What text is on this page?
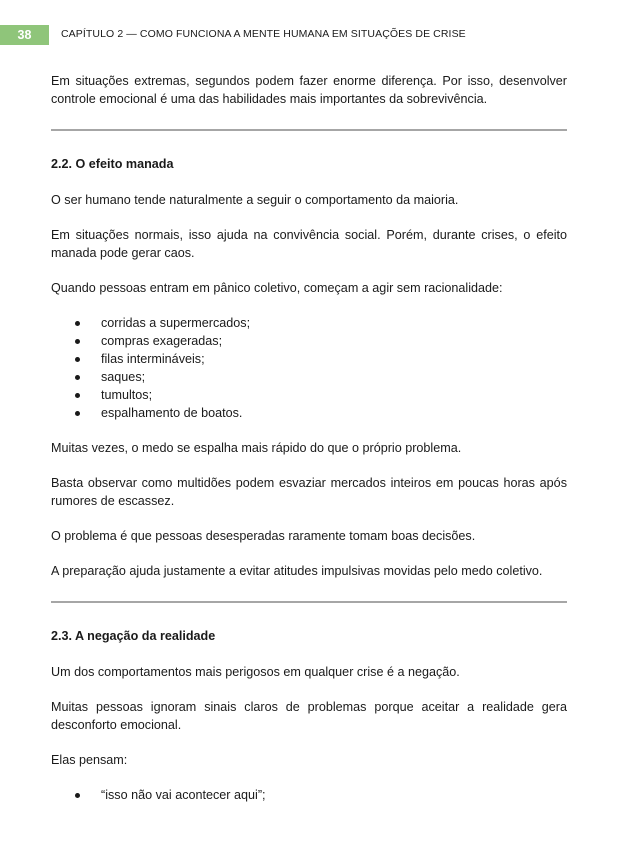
38	CAPÍTULO 2 — COMO FUNCIONA A MENTE HUMANA EM SITUAÇÕES DE CRISE

Em situações extremas, segundos podem fazer enorme diferença. Por isso, desenvolver controle emocional é uma das habilidades mais importantes da sobrevivência.

2.2. O efeito manada

O ser humano tende naturalmente a seguir o comportamento da maioria.

Em situações normais, isso ajuda na convivência social. Porém, durante crises, o efeito manada pode gerar caos.

Quando pessoas entram em pânico coletivo, começam a agir sem racionalidade:

corridas a supermercados;
compras exageradas;
filas intermináveis;
saques;
tumultos;
espalhamento de boatos.

Muitas vezes, o medo se espalha mais rápido do que o próprio problema.

Basta observar como multidões podem esvaziar mercados inteiros em poucas horas após rumores de escassez.

O problema é que pessoas desesperadas raramente tomam boas decisões.

A preparação ajuda justamente a evitar atitudes impulsivas movidas pelo medo coletivo.

2.3. A negação da realidade

Um dos comportamentos mais perigosos em qualquer crise é a negação.

Muitas pessoas ignoram sinais claros de problemas porque aceitar a realidade gera desconforto emocional.

Elas pensam:

“isso não vai acontecer aqui”;
